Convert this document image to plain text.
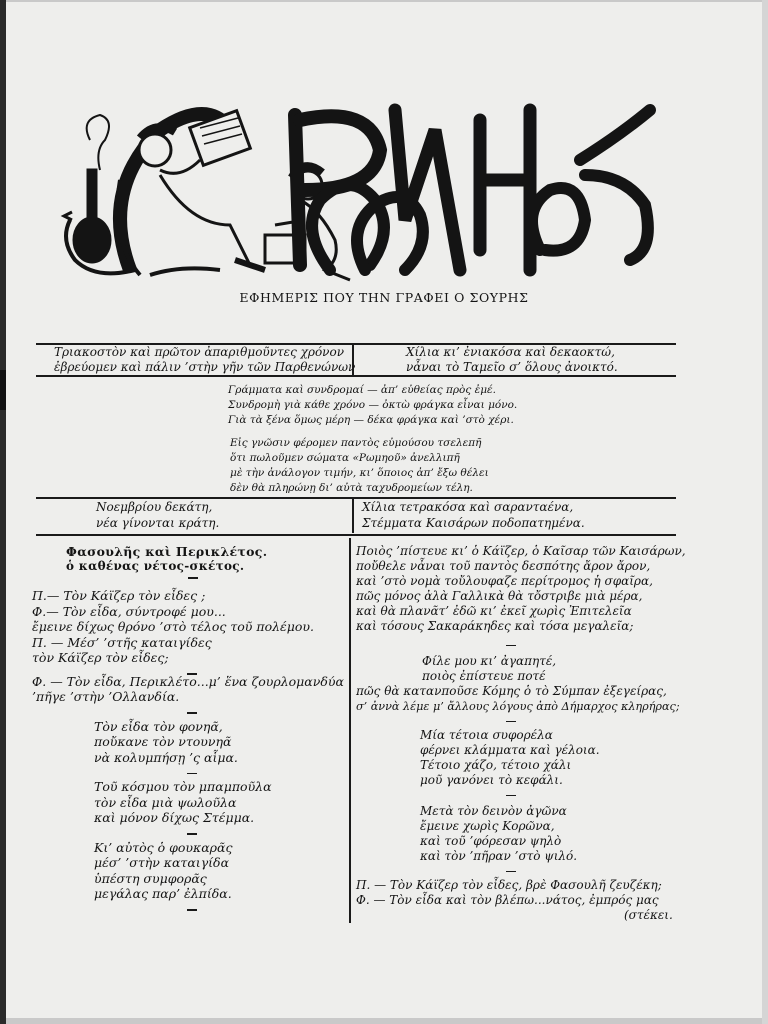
ΕΦΗΜΕΡΙΣ ΠΟΥ ΤΗΝ ΓΡΑΦΕΙ Ο ΣΟΥΡΗΣ
Τριακοστὸν καὶ πρῶτον ἀπαριθμοῦντες χρόνον
ἐβρεύομεν καὶ πάλιν ’στὴν γῆν τῶν Παρθενώνων
Χίλια κι’ ἐνιακόσα καὶ δεκαοκτώ,
νἆναι τὸ Ταμεῖο σ’ ὅλους ἀνοικτό.
Γράμματα καὶ συνδρομαί — ἀπ’ εὐθείας πρὸς ἐμέ.
Συνδρομὴ γιὰ κάθε χρόνο — ὀκτὼ φράγκα εἶναι μόνο.
Γιὰ τὰ ξένα ὅμως μέρη — δέκα φράγκα καὶ ’στὸ χέρι.
Εἰς γνῶσιν φέρομεν παντὸς εὐμούσου τσελεπῆ
ὅτι πωλοῦμεν σώματα «Ρωμηοῦ» ἀνελλιπῆ
μὲ τὴν ἀνάλογον τιμήν, κι’ ὅποιος ἀπ’ ἔξω θέλει
δὲν θὰ πληρώνῃ δι’ αὐτὰ ταχυδρομείων τέλη.
Νοεμβρίου δεκάτη,
νέα γίνονται κράτη.
Χίλια τετρακόσα καὶ σαρανταένα,
Στέμματα Καισάρων ποδοπατημένα.
Φασουλῆς καὶ Περικλέτος.
ὁ καθένας νέτος-σκέτος.
Π.— Τὸν Κάϊζερ τὸν εἶδες ;
Φ.— Τὸν εἶδα, σύντροφέ μου...
ἔμεινε δίχως θρόνο ’στὸ τέλος τοῦ πολέμου.
Π. — Μέσ’ ’στῆς καταιγίδες
τὸν Κάϊζερ τὸν εἶδες;
Φ. — Τὸν εἶδα, Περικλέτο...μ’ ἕνα ζουρλομανδύα
’πῆγε ’στὴν ’Ολλανδία.
Τὸν εἶδα τὸν φονηᾶ,
ποὔκανε τὸν ντουνηᾶ
νὰ κολυμπήσῃ ’ς αἷμα.
Τοῦ κόσμου τὸν μπαμποῦλα
τὸν εἶδα μιὰ ψωλοῦλα
καὶ μόνον δίχως Στέμμα.
Κι’ αὐτὸς ὁ φουκαρᾶς
μέσ’ ’στὴν καταιγίδα
ὑπέστη συμφορᾶς
μεγάλας παρ’ ἐλπίδα.
Ποιὸς ’πίστευε κι’ ὁ Κάϊζερ, ὁ Καῖσαρ τῶν Καισάρων,
ποὔθελε νἆναι τοῦ παντὸς δεσπότης ἄρον ἄρον,
καὶ ’στὸ νομὰ τοὔλουφαζε περίτρομος ἡ σφαῖρα,
πῶς μόνος ἀλὰ Γαλλικὰ θὰ τὄστριβε μιὰ μέρα,
καὶ θὰ πλανᾶτ’ ἐδῶ κι’ ἐκεῖ χωρὶς Ἐπιτελεῖα
καὶ τόσους Σακαράκηδες καὶ τόσα μεγαλεῖα;
Φίλε μου κι’ ἀγαπητέ,
ποιὸς ἐπίστευε ποτέ
πῶς θὰ κατανποῦσε Κόμης ὁ τὸ Σύμπαν ἐξεγείρας,
σ’ ἀννὰ λέμε μ’ ἄλλους λόγους ἀπὸ Δήμαρχος κληρήρας;
Μία τέτοια συφορέλα
φέρνει κλάμματα καὶ γέλοια.
Τέτοιο χάζο, τέτοιο χάλι
μοῦ γανόνει τὸ κεφάλι.
Μετὰ τὸν δεινὸν ἀγῶνα
ἔμεινε χωρὶς Κορῶνα,
καὶ τοῦ ’φόρεσαν ψηλὸ
καὶ τὸν ’πῆραν ’στὸ ψιλό.
Π. — Τὸν Κάϊζερ τὸν εἶδες, βρὲ Φασουλῆ ζευζέκη;
Φ. — Τὸν εἶδα καὶ τὸν βλέπω...νάτος, ἐμπρός μας
(στέκει.
